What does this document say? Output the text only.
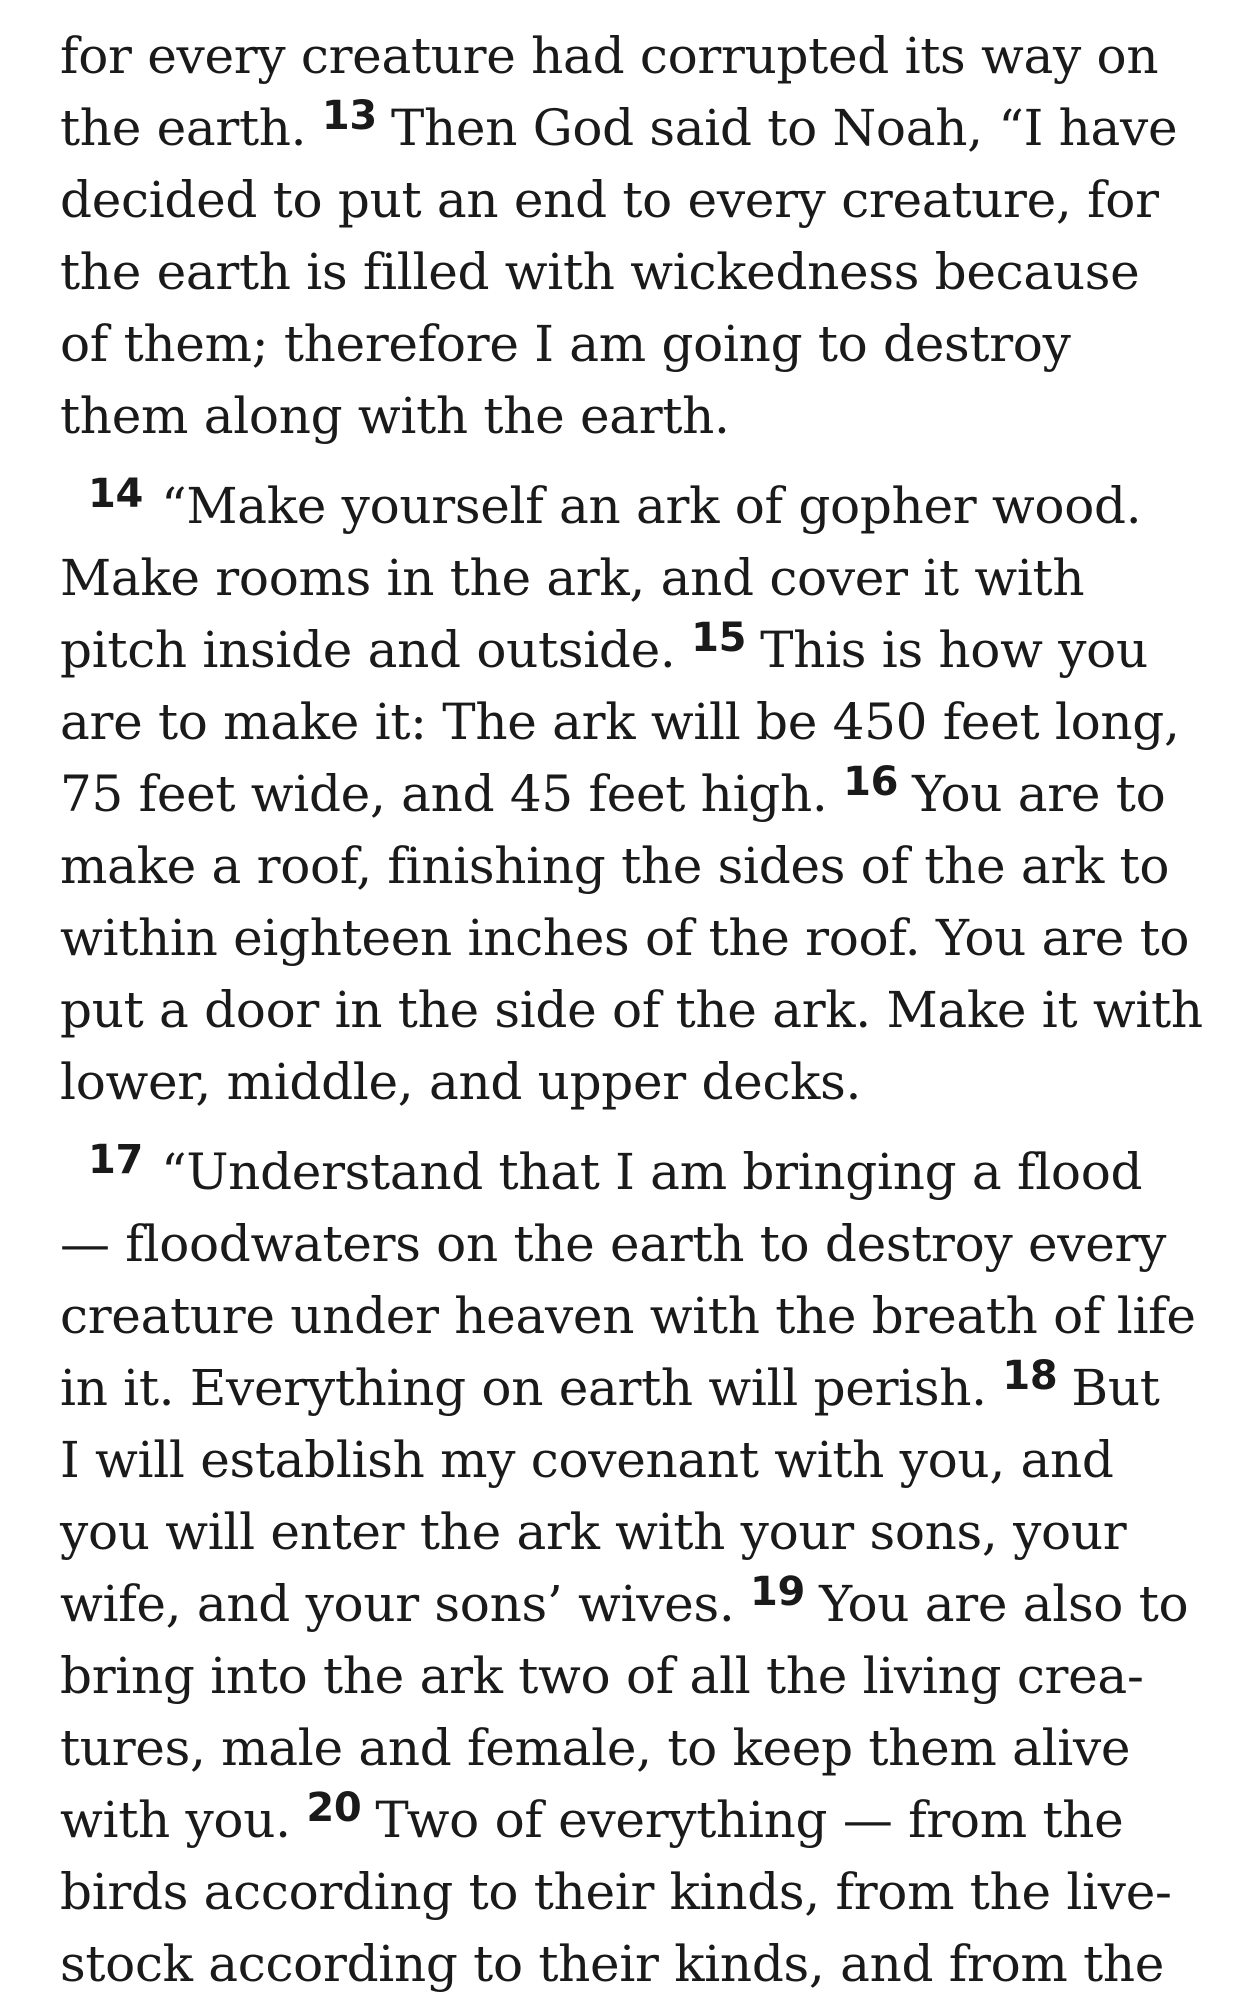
for every creature had corrupted its way on
the earth. $^{13}$ Then God said to Noah, “I have
decided to put an end to every creature, for
the earth is filled with wickedness because
of them; therefore I am going to destroy
them along with the earth.
$^{14}$ “Make yourself an ark of gopher wood.
Make rooms in the ark, and cover it with
pitch inside and outside. $^{15}$ This is how you
are to make it: The ark will be 450 feet long,
75 feet wide, and 45 feet high. $^{16}$ You are to
make a roof, finishing the sides of the ark to
within eighteen inches of the roof. You are to
put a door in the side of the ark. Make it with
lower, middle, and upper decks.
$^{17}$ “Understand that I am bringing a flood
— floodwaters on the earth to destroy every
creature under heaven with the breath of life
in it. Everything on earth will perish. $^{18}$ But
I will establish my covenant with you, and
you will enter the ark with your sons, your
wife, and your sons’ wives. $^{19}$ You are also to
bring into the ark two of all the living crea-
tures, male and female, to keep them alive
with you. $^{20}$ Two of everything — from the
birds according to their kinds, from the live-
stock according to their kinds, and from the
